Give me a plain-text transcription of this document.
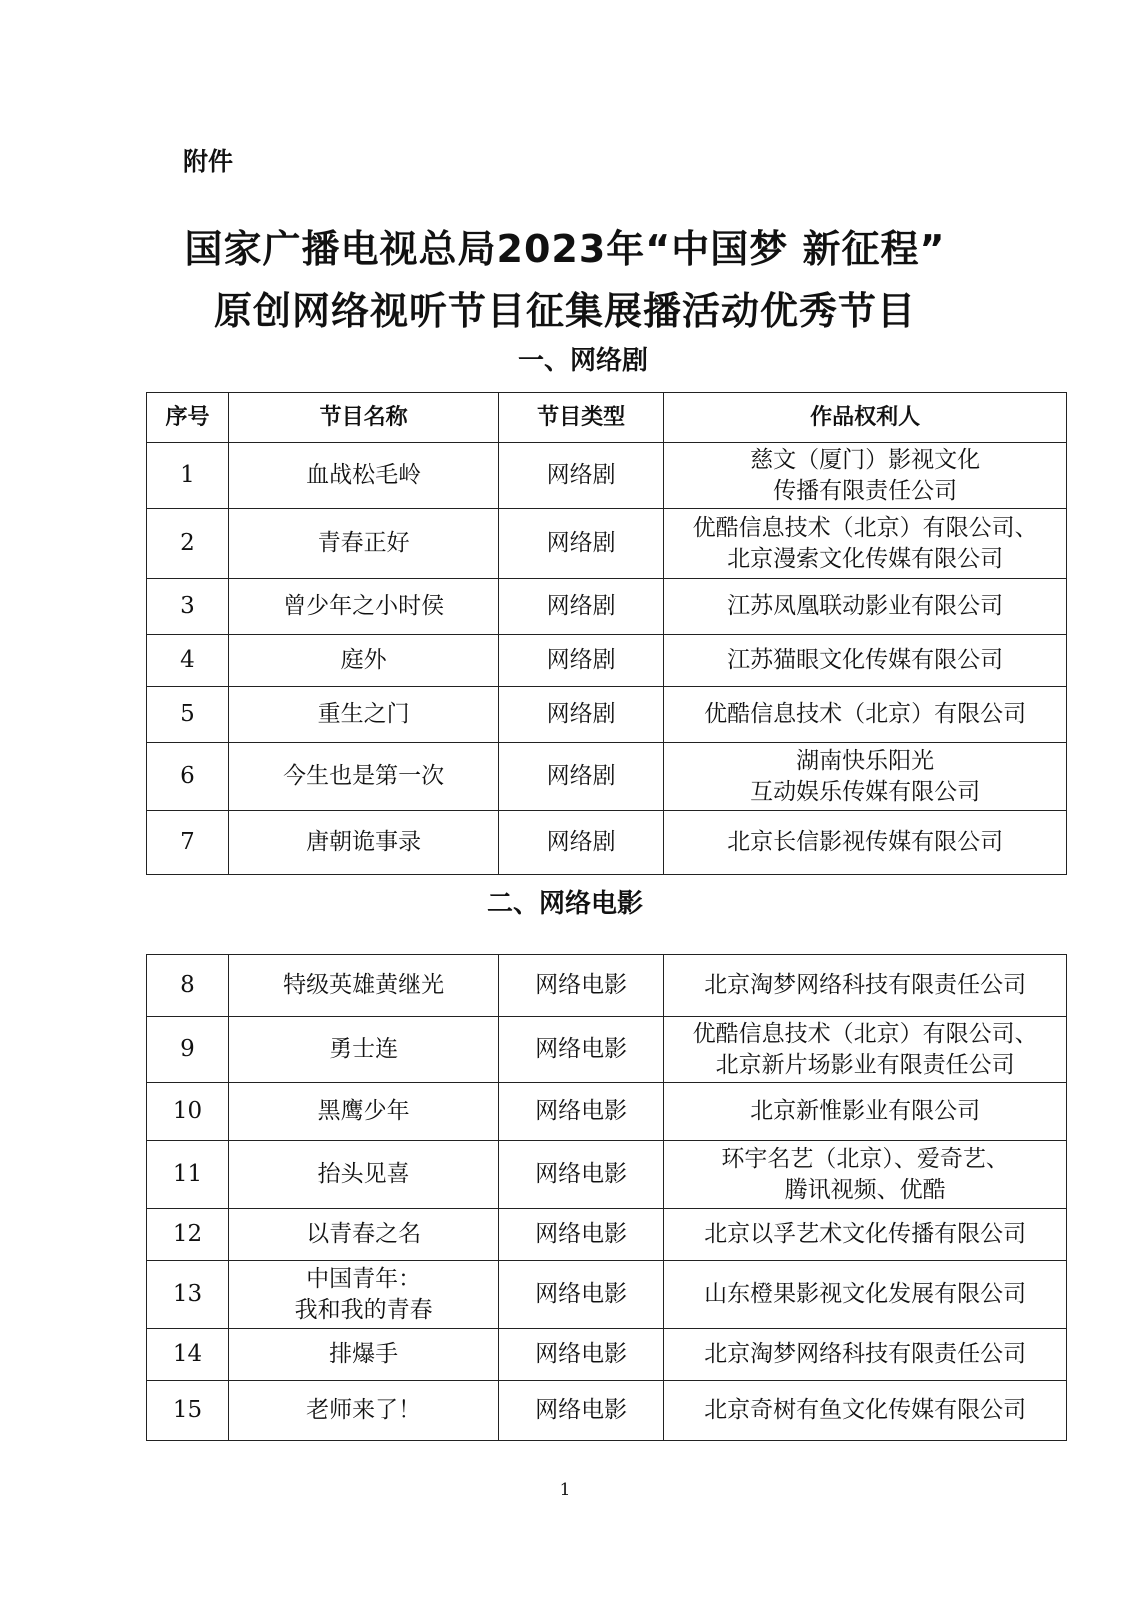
附件
国家广播电视总局2023年“中国梦 新征程”
原创网络视听节目征集展播活动优秀节目
一、网络剧
序号	节目名称	节目类型	作品权利人
1	血战松毛岭	网络剧	慈文（厦门）影视文化
传播有限责任公司

2	青春正好	网络剧	优酷信息技术（北京）有限公司、
北京漫索文化传媒有限公司

3	曾少年之小时侯	网络剧	江苏凤凰联动影业有限公司

4	庭外	网络剧	江苏猫眼文化传媒有限公司

5	重生之门	网络剧	优酷信息技术（北京）有限公司

6	今生也是第一次	网络剧	湖南快乐阳光
互动娱乐传媒有限公司

7	唐朝诡事录	网络剧	北京长信影视传媒有限公司
二、网络电影
8	特级英雄黄继光	网络电影	北京淘梦网络科技有限责任公司

9	勇士连	网络电影	优酷信息技术（北京）有限公司、
北京新片场影业有限责任公司

10	黑鹰少年	网络电影	北京新惟影业有限公司

11	抬头见喜	网络电影	环宇名艺（北京）、爱奇艺、
腾讯视频、优酷

12	以青春之名	网络电影	北京以孚艺术文化传播有限公司

13	中国青年：
我和我的青春	网络电影	山东橙果影视文化发展有限公司

14	排爆手	网络电影	北京淘梦网络科技有限责任公司

15	老师来了！	网络电影	北京奇树有鱼文化传媒有限公司
1
